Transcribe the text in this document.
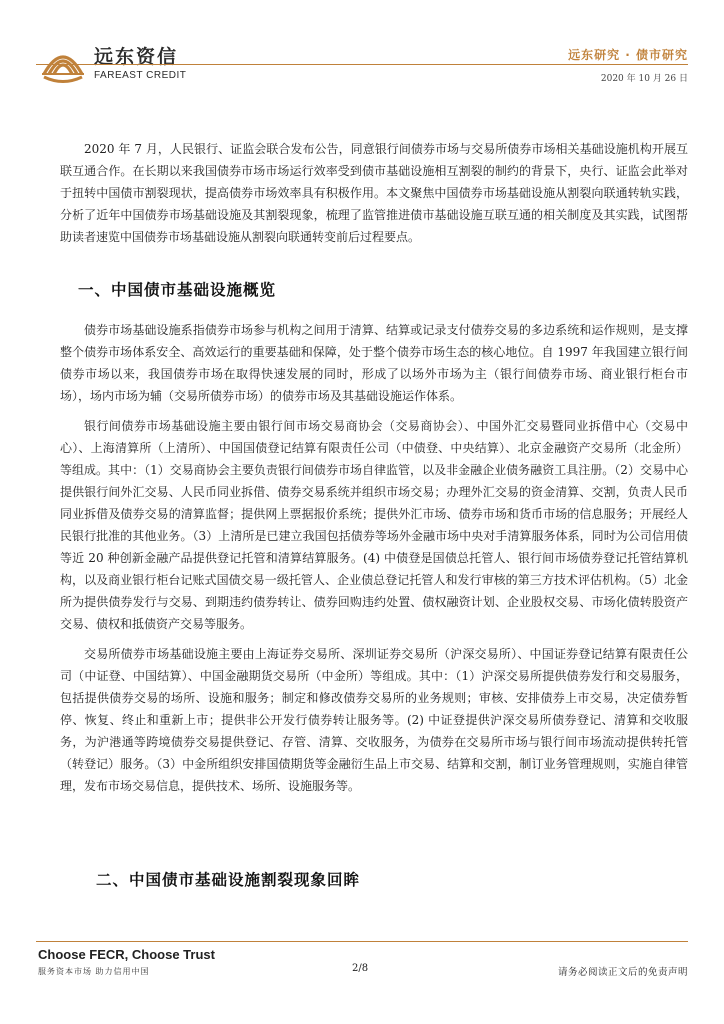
远东资信
FAREAST CREDIT
远东研究 · 债市研究
2020 年 10 月 26 日

2020 年 7 月，人民银行、证监会联合发布公告，同意银行间债券市场与交易所债券市场相关基础设施机构开展互联互通合作。在长期以来我国债券市场市场运行效率受到债市基础设施相互割裂的制约的背景下，央行、证监会此举对于扭转中国债市割裂现状，提高债券市场效率具有积极作用。本文聚焦中国债券市场基础设施从割裂向联通转轨实践，分析了近年中国债券市场基础设施及其割裂现象，梳理了监管推进债市基础设施互联互通的相关制度及其实践，试图帮助读者速览中国债券市场基础设施从割裂向联通转变前后过程要点。

一、中国债市基础设施概览

债券市场基础设施系指债券市场参与机构之间用于清算、结算或记录支付债券交易的多边系统和运作规则，是支撑整个债券市场体系安全、高效运行的重要基础和保障，处于整个债券市场生态的核心地位。自 1997 年我国建立银行间债券市场以来，我国债券市场在取得快速发展的同时，形成了以场外市场为主（银行间债券市场、商业银行柜台市场），场内市场为辅（交易所债券市场）的债券市场及其基础设施运作体系。

银行间债券市场基础设施主要由银行间市场交易商协会（交易商协会）、中国外汇交易暨同业拆借中心（交易中心）、上海清算所（上清所）、中国国债登记结算有限责任公司（中债登、中央结算）、北京金融资产交易所（北金所）等组成。其中：（1）交易商协会主要负责银行间债券市场自律监管，以及非金融企业债务融资工具注册。（2）交易中心提供银行间外汇交易、人民币同业拆借、债券交易系统并组织市场交易；办理外汇交易的资金清算、交割，负责人民币同业拆借及债券交易的清算监督；提供网上票据报价系统；提供外汇市场、债券市场和货币市场的信息服务；开展经人民银行批准的其他业务。（3）上清所是已建立我国包括债券等场外金融市场中央对手清算服务体系，同时为公司信用债等近 20 种创新金融产品提供登记托管和清算结算服务。(4) 中债登是国债总托管人、银行间市场债券登记托管结算机构，以及商业银行柜台记账式国债交易一级托管人、企业债总登记托管人和发行审核的第三方技术评估机构。（5）北金所为提供债券发行与交易、到期违约债券转让、债券回购违约处置、债权融资计划、企业股权交易、市场化债转股资产交易、债权和抵债资产交易等服务。

交易所债券市场基础设施主要由上海证券交易所、深圳证券交易所（沪深交易所）、中国证券登记结算有限责任公司（中证登、中国结算）、中国金融期货交易所（中金所）等组成。其中：（1）沪深交易所提供债券发行和交易服务，包括提供债券交易的场所、设施和服务；制定和修改债券交易所的业务规则；审核、安排债券上市交易，决定债券暂停、恢复、终止和重新上市；提供非公开发行债券转让服务等。(2) 中证登提供沪深交易所债券登记、清算和交收服务，为沪港通等跨境债券交易提供登记、存管、清算、交收服务，为债券在交易所市场与银行间市场流动提供转托管（转登记）服务。（3）中金所组织安排国债期货等金融衍生品上市交易、结算和交割，制订业务管理规则，实施自律管理，发布市场交易信息，提供技术、场所、设施服务等。

二、中国债市基础设施割裂现象回眸
Choose FECR, Choose Trust
服务资本市场 助力信用中国	2/8	请务必阅读正文后的免责声明
